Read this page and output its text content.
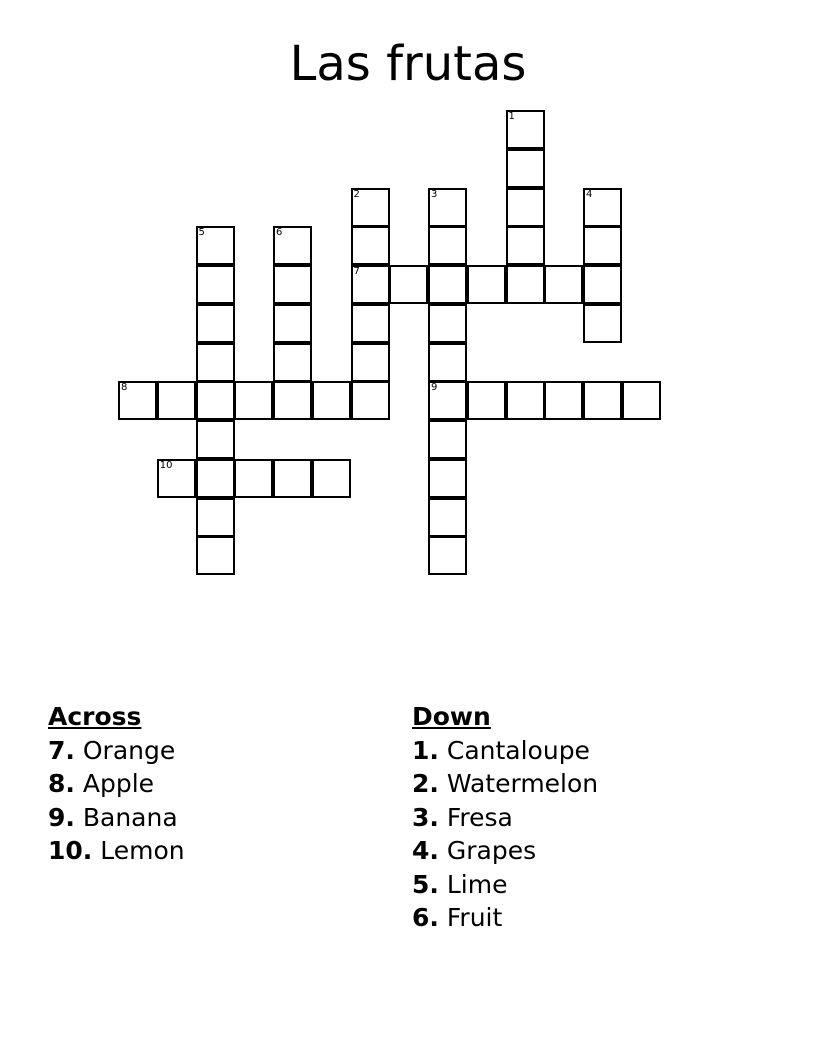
Las frutas
1
2	3	4
5	6
7
8	9
10

Across

7. Orange

8. Apple

9. Banana

10. Lemon

Down

1. Cantaloupe

2. Watermelon

3. Fresa

4. Grapes

5. Lime

6. Fruit
